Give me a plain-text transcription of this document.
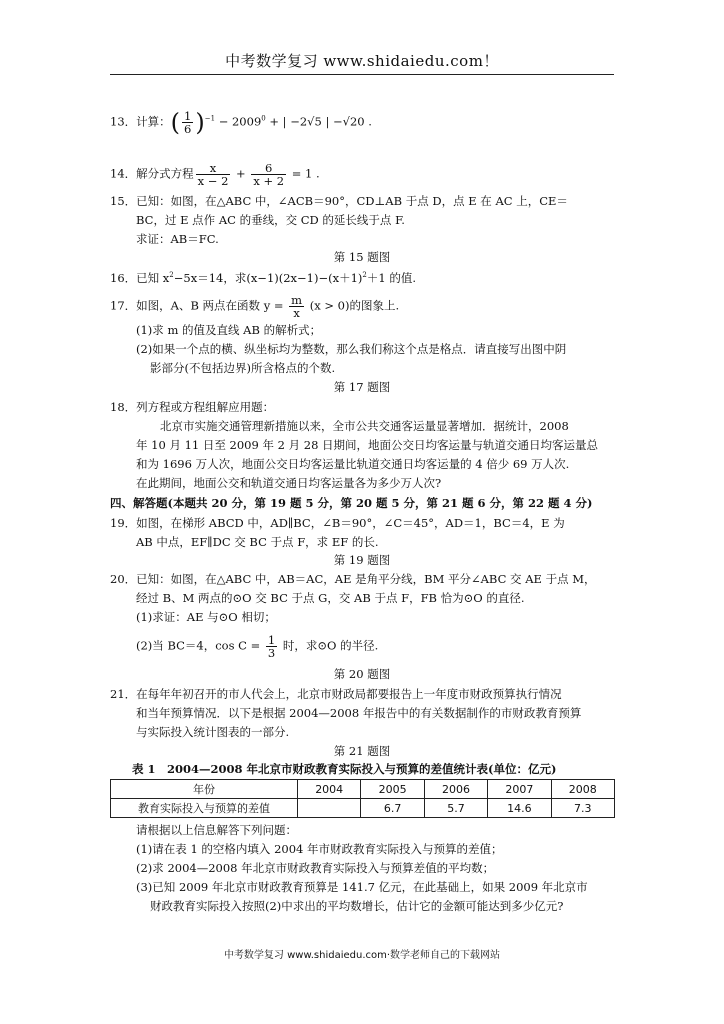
中考数学复习 www.shidaiedu.com！
13．计算：( $\frac{1}{6} )^{-1} - 2009^0$ + | −2√5 | −√20 .
14．解分式方程 $\frac{x}{x - 2} + \frac{6}{x + 2} = 1$ .
15．已知：如图，在△ABC 中，∠ACB＝90°，CD⊥AB 于点 D，点 E 在 AC 上，CE＝
BC，过 E 点作 AC 的垂线，交 CD 的延长线于点 F.
求证：AB＝FC.
第 15 题图
16．已知 $x^2-5x=14$，求$(x-1)(2x-1)-(x+1)^2+1$ 的值.
17．如图，A、B 两点在函数 $y = \frac{m}{x} (x > 0)$的图象上.
(1)求 m 的值及直线 AB 的解析式；
(2)如果一个点的横、纵坐标均为整数，那么我们称这个点是格点．请直接写出图中阴
影部分(不包括边界)所含格点的个数.
第 17 题图
18．列方程或方程组解应用题：
北京市实施交通管理新措施以来，全市公共交通客运量显著增加．据统计，2008
年 10 月 11 日至 2009 年 2 月 28 日期间，地面公交日均客运量与轨道交通日均客运量总
和为 1696 万人次，地面公交日均客运量比轨道交通日均客运量的 4 倍少 69 万人次.
在此期间，地面公交和轨道交通日均客运量各为多少万人次?
四、解答题(本题共 20 分，第 19 题 5 分，第 20 题 5 分，第 21 题 6 分，第 22 题 4 分)
19．如图，在梯形 ABCD 中，AD∥BC，∠B＝90°，∠C＝45°，AD＝1，BC＝4，E 为
AB 中点，EF∥DC 交 BC 于点 F，求 EF 的长.
第 19 题图
20．已知：如图，在△ABC 中，AB＝AC，AE 是角平分线，BM 平分∠ABC 交 AE 于点 M，
经过 B、M 两点的⊙O 交 BC 于点 G，交 AB 于点 F，FB 恰为⊙O 的直径.
(1)求证：AE 与⊙O 相切；
(2)当 BC＝4，$\cos C = \frac{1}{3}$ 时，求⊙O 的半径.
第 20 题图
21．在每年年初召开的市人代会上，北京市财政局都要报告上一年度市财政预算执行情况
和当年预算情况．以下是根据 2004—2008 年报告中的有关数据制作的市财政教育预算
与实际投入统计图表的一部分.
第 21 题图
表 1　2004—2008 年北京市财政教育实际投入与预算的差值统计表(单位：亿元)
年份	2004	2005	2006	2007	2008
教育实际投入与预算的差值		6.7	5.7	14.6	7.3
请根据以上信息解答下列问题：
(1)请在表 1 的空格内填入 2004 年市财政教育实际投入与预算的差值；
(2)求 2004—2008 年北京市财政教育实际投入与预算差值的平均数；
(3)已知 2009 年北京市财政教育预算是 141.7 亿元，在此基础上，如果 2009 年北京市
财政教育实际投入按照(2)中求出的平均数增长，估计它的金额可能达到多少亿元?
中考数学复习 www.shidaiedu.com·数学老师自己的下载网站
